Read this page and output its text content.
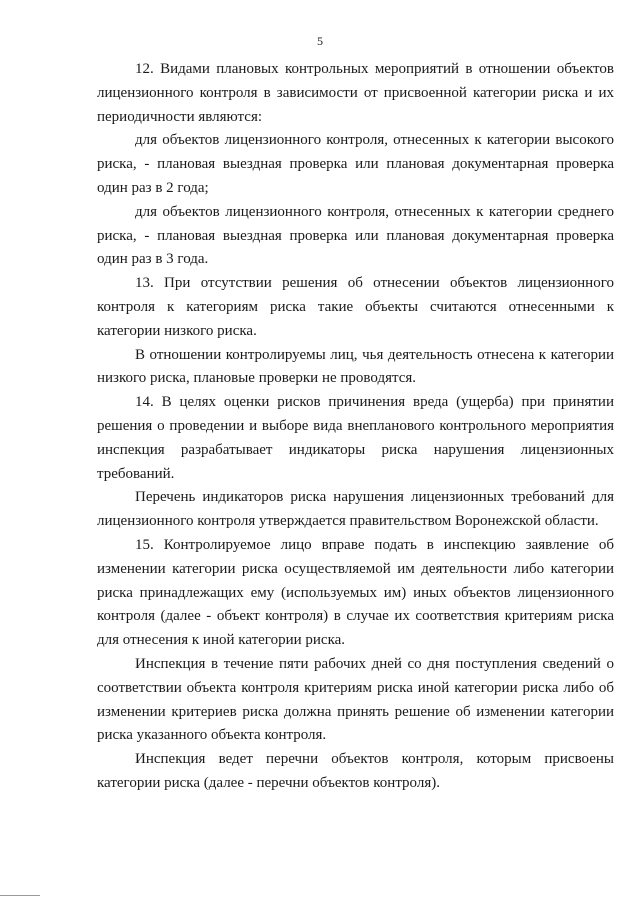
5

12. Видами плановых контрольных мероприятий в отношении объектов лицензионного контроля в зависимости от присвоенной категории риска и их периодичности являются:

для объектов лицензионного контроля, отнесенных к категории высокого риска, - плановая выездная проверка или плановая документарная проверка один раз в 2 года;

для объектов лицензионного контроля, отнесенных к категории среднего риска, - плановая выездная проверка или плановая документарная проверка один раз в 3 года.

13. При отсутствии решения об отнесении объектов лицензионного контроля к категориям риска такие объекты считаются отнесенными к категории низкого риска.

В отношении контролируемы лиц, чья деятельность отнесена к категории низкого риска, плановые проверки не проводятся.

14. В целях оценки рисков причинения вреда (ущерба) при принятии решения о проведении и выборе вида внепланового контрольного мероприятия инспекция разрабатывает индикаторы риска нарушения лицензионных требований.

Перечень индикаторов риска нарушения лицензионных требований для лицензионного контроля утверждается правительством Воронежской области.

15. Контролируемое лицо вправе подать в инспекцию заявление об изменении категории риска осуществляемой им деятельности либо категории риска принадлежащих ему (используемых им) иных объектов лицензионного контроля (далее - объект контроля) в случае их соответствия критериям риска для отнесения к иной категории риска.

Инспекция в течение пяти рабочих дней со дня поступления сведений о соответствии объекта контроля критериям риска иной категории риска либо об изменении критериев риска должна принять решение об изменении категории риска указанного объекта контроля.

Инспекция ведет перечни объектов контроля, которым присвоены категории риска (далее - перечни объектов контроля).
